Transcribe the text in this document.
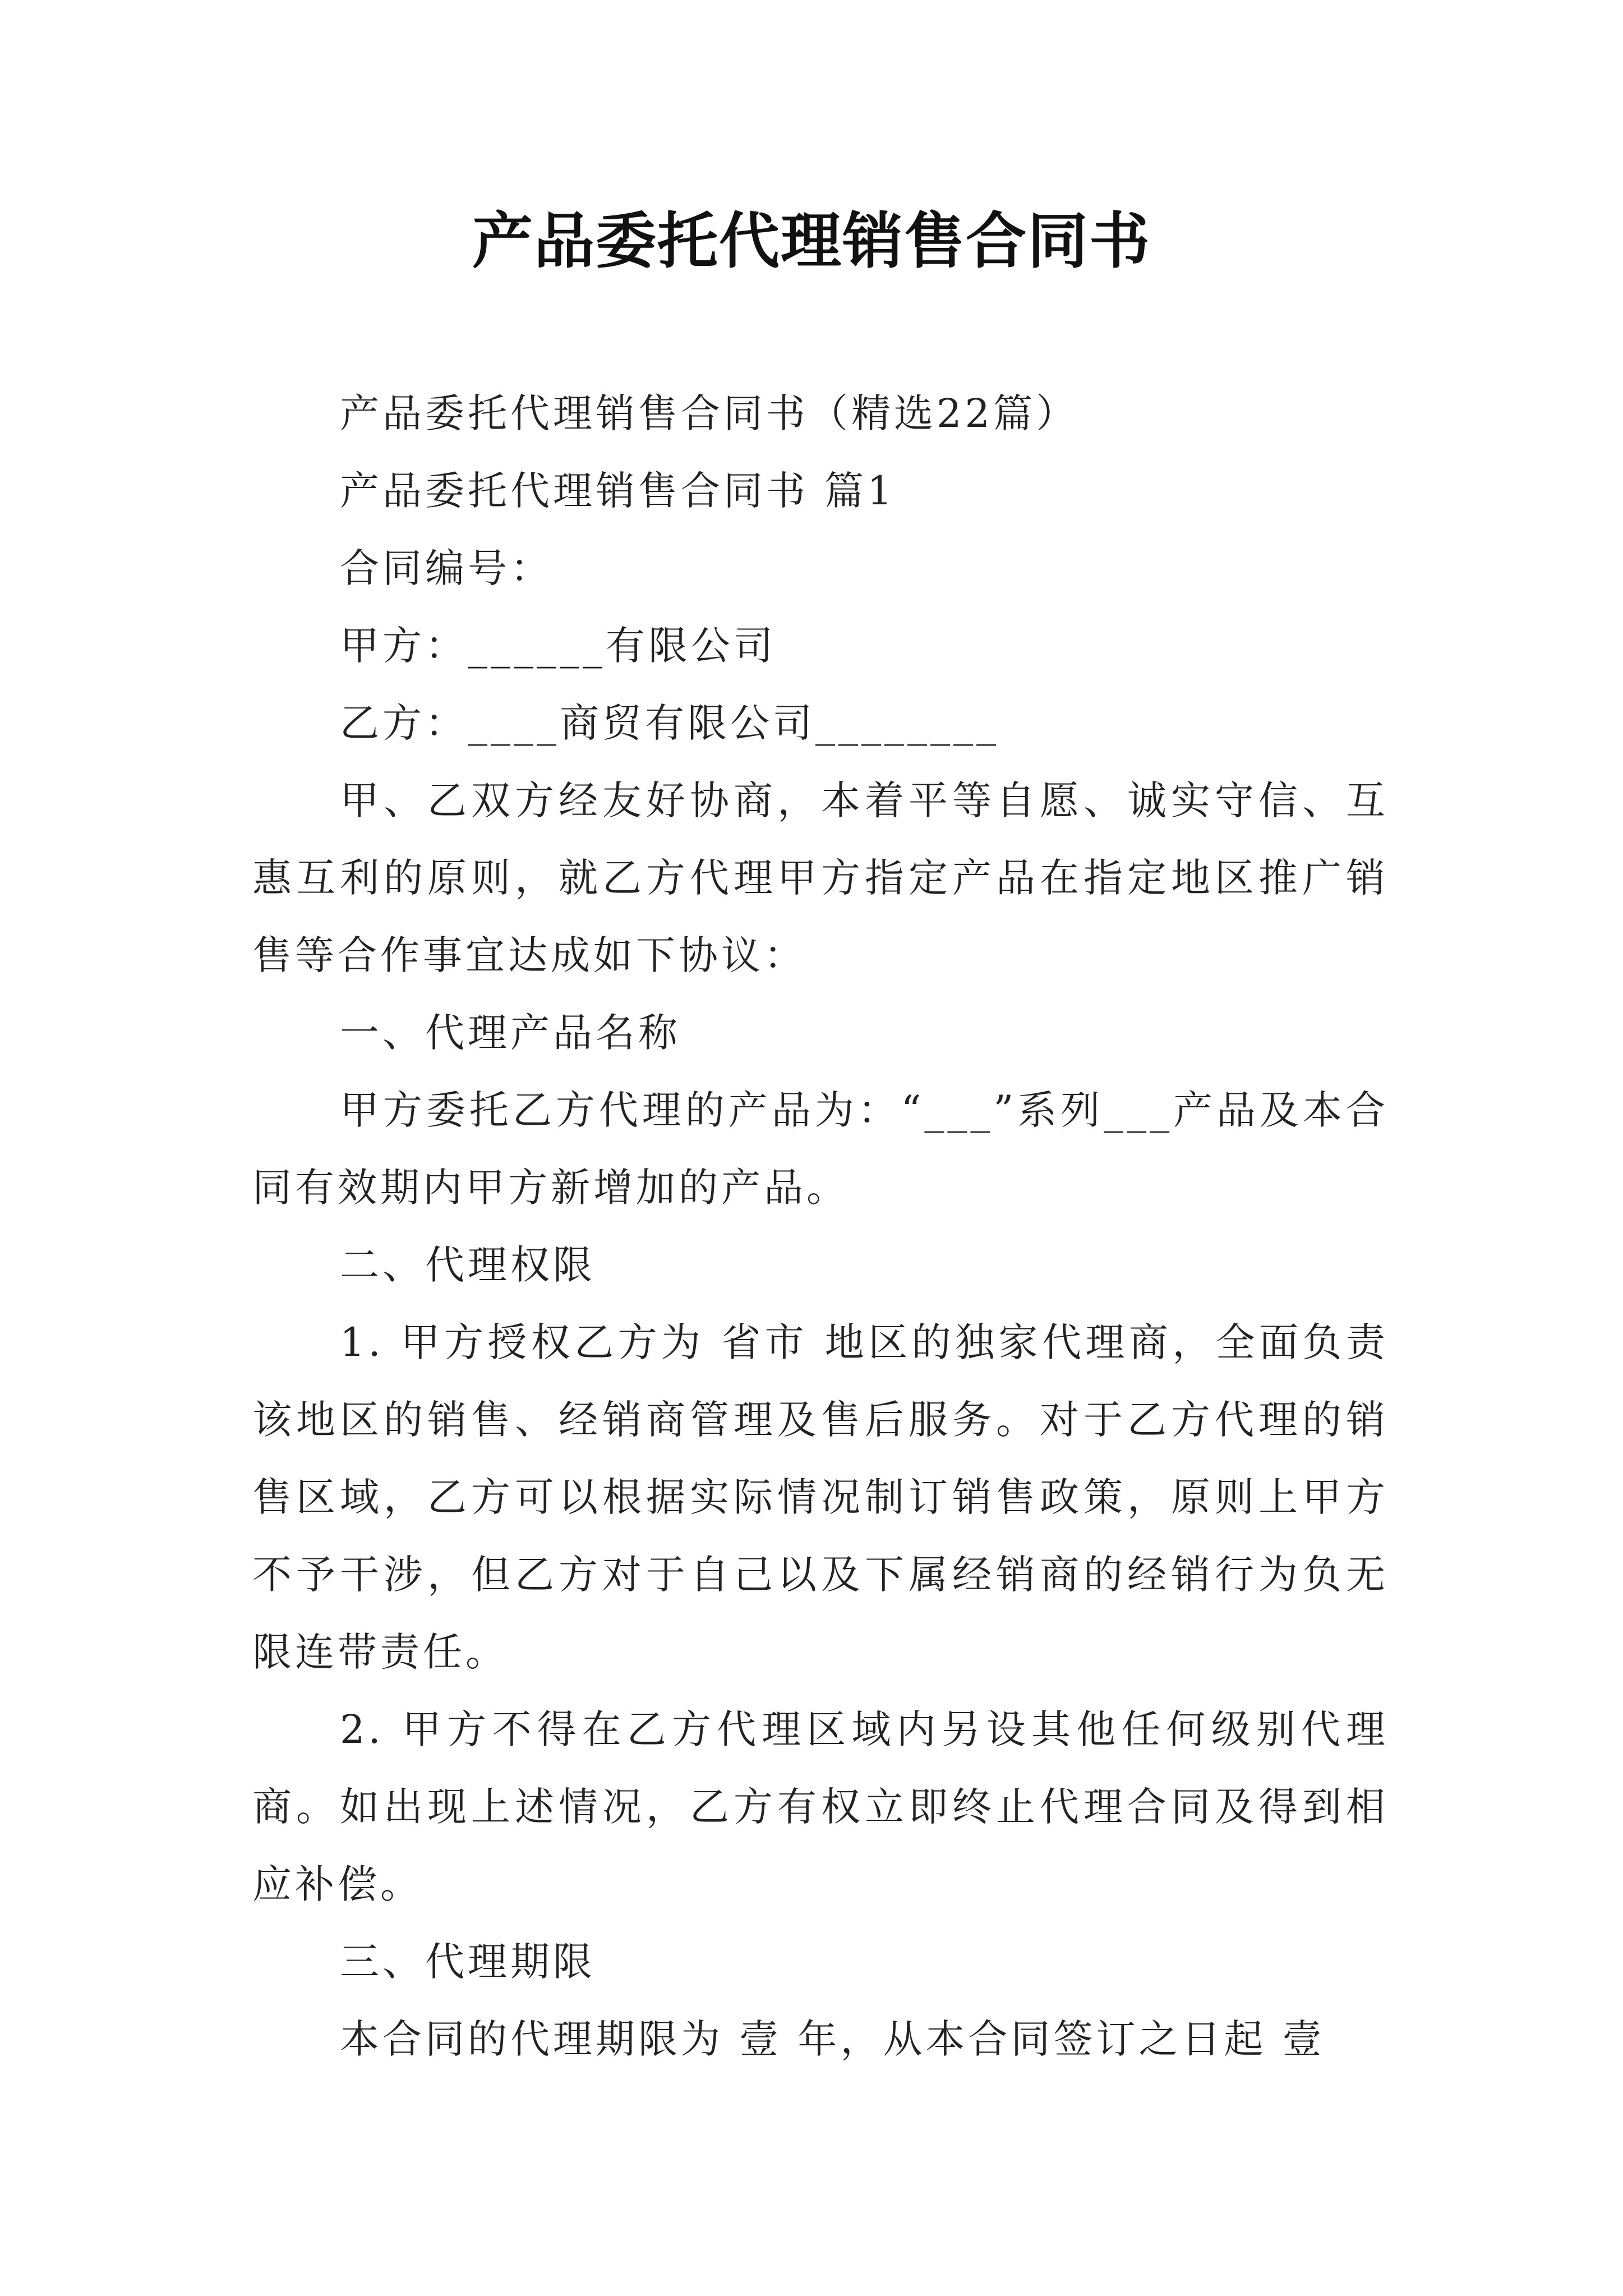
产品委托代理销售合同书

产品委托代理销售合同书（精选22篇）

产品委托代理销售合同书 篇1

合同编号：

甲方：______有限公司

乙方：____商贸有限公司________

甲、乙双方经友好协商，本着平等自愿、诚实守信、互惠互利的原则，就乙方代理甲方指定产品在指定地区推广销售等合作事宜达成如下协议：

一、代理产品名称

甲方委托乙方代理的产品为：“___”系列___产品及本合同有效期内甲方新增加的产品。

二、代理权限

1. 甲方授权乙方为 省市 地区的独家代理商，全面负责该地区的销售、经销商管理及售后服务。对于乙方代理的销售区域，乙方可以根据实际情况制订销售政策，原则上甲方不予干涉，但乙方对于自己以及下属经销商的经销行为负无限连带责任。

2. 甲方不得在乙方代理区域内另设其他任何级别代理商。如出现上述情况，乙方有权立即终止代理合同及得到相应补偿。

三、代理期限

本合同的代理期限为 壹 年，从本合同签订之日起 壹
